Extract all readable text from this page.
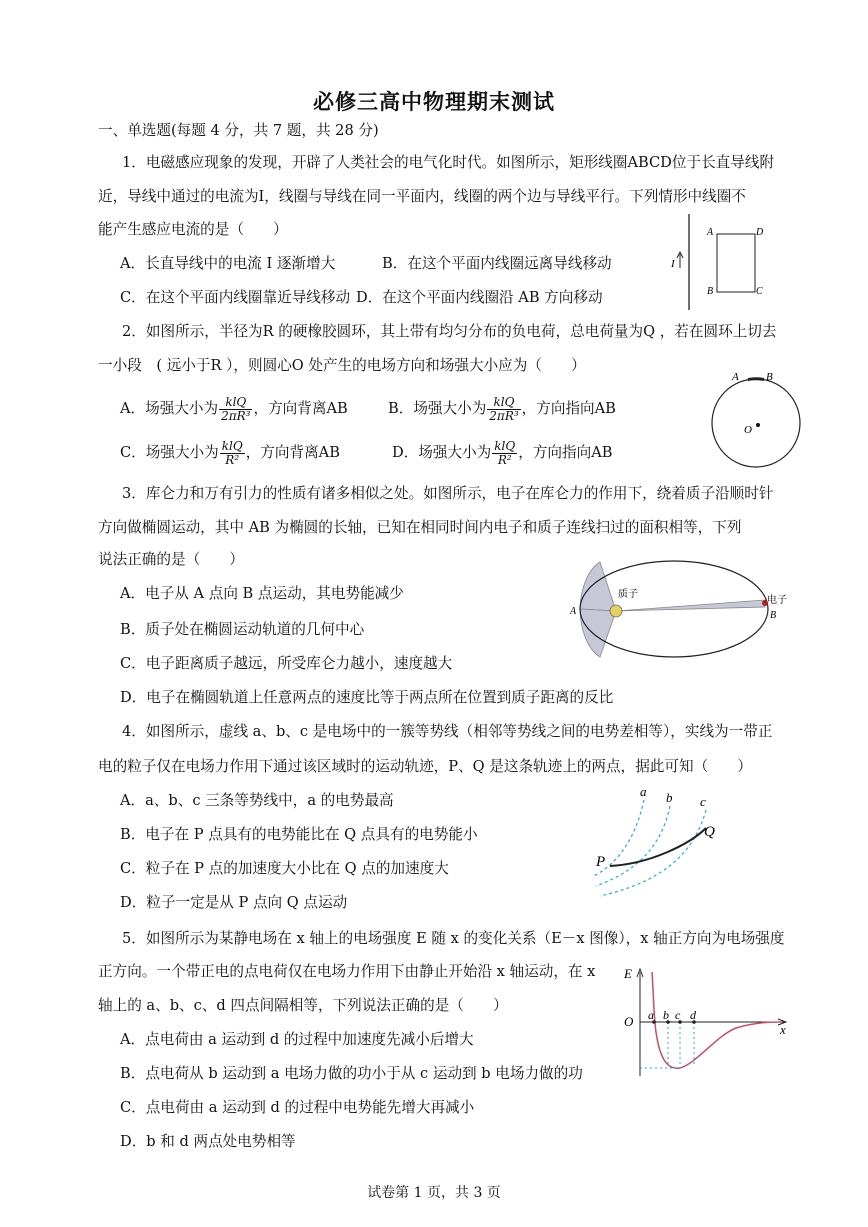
必修三高中物理期末测试
一、单选题(每题 4 分，共 7 题，共 28 分)
1．电磁感应现象的发现，开辟了人类社会的电气化时代。如图所示，矩形线圈ABCD位于长直导线附
近，导线中通过的电流为I，线圈与导线在同一平面内，线圈的两个边与导线平行。下列情形中线圈不
能产生感应电流的是（　　）
A．长直导线中的电流 I 逐渐增大	B．在这个平面内线圈远离导线移动
C．在这个平面内线圈靠近导线移动 D．在这个平面内线圈沿 AB 方向移动
I
A	D
B	C
2．如图所示，半径为R 的硬橡胶圆环，其上带有均匀分布的负电荷，总电荷量为Q ，若在圆环上切去
一小段　( 远小于R ），则圆心O 处产生的电场方向和场强大小应为（　　）
A．场强大小为 $\frac{\text{klQ}}{\text{2πR³}}$ ，方向背离AB	B．场强大小为 $\frac{\text{klQ}}{\text{2πR³}}$ ，方向指向AB
C．场强大小为 $\frac{\text{klQ}}{\text{R²}}$ ，方向背离AB	D．场强大小为 $\frac{\text{klQ}}{\text{R²}}$ ，方向指向AB
A B
O
3．库仑力和万有引力的性质有诸多相似之处。如图所示，电子在库仑力的作用下，绕着质子沿顺时针
方向做椭圆运动，其中 AB 为椭圆的长轴，已知在相同时间内电子和质子连线扫过的面积相等，下列
说法正确的是（　　）
A．电子从 A 点向 B 点运动，其电势能减少
B．质子处在椭圆运动轨道的几何中心
C．电子距离质子越远，所受库仑力越小，速度越大
D．电子在椭圆轨道上任意两点的速度比等于两点所在位置到质子距离的反比
质子
电子
A	B
4．如图所示，虚线 a、b、c 是电场中的一簇等势线（相邻等势线之间的电势差相等），实线为一带正
电的粒子仅在电场力作用下通过该区域时的运动轨迹，P、Q 是这条轨迹上的两点，据此可知（　　）
A．a、b、c 三条等势线中，a 的电势最高
B．电子在 P 点具有的电势能比在 Q 点具有的电势能小
C．粒子在 P 点的加速度大小比在 Q 点的加速度大
D．粒子一定是从 P 点向 Q 点运动
a b c
P
Q
5．如图所示为某静电场在 x 轴上的电场强度 E 随 x 的变化关系（E－x 图像），x 轴正方向为电场强度
正方向。一个带正电的点电荷仅在电场力作用下由静止开始沿 x 轴运动，在 x
轴上的 a、b、c、d 四点间隔相等，下列说法正确的是（　　）
A．点电荷由 a 运动到 d 的过程中加速度先减小后增大
B．点电荷从 b 运动到 a 电场力做的功小于从 c 运动到 b 电场力做的功
C．点电荷由 a 运动到 d 的过程中电势能先增大再减小
D．b 和 d 两点处电势相等
E
O
x
a b c d
试卷第 1 页，共 3 页
